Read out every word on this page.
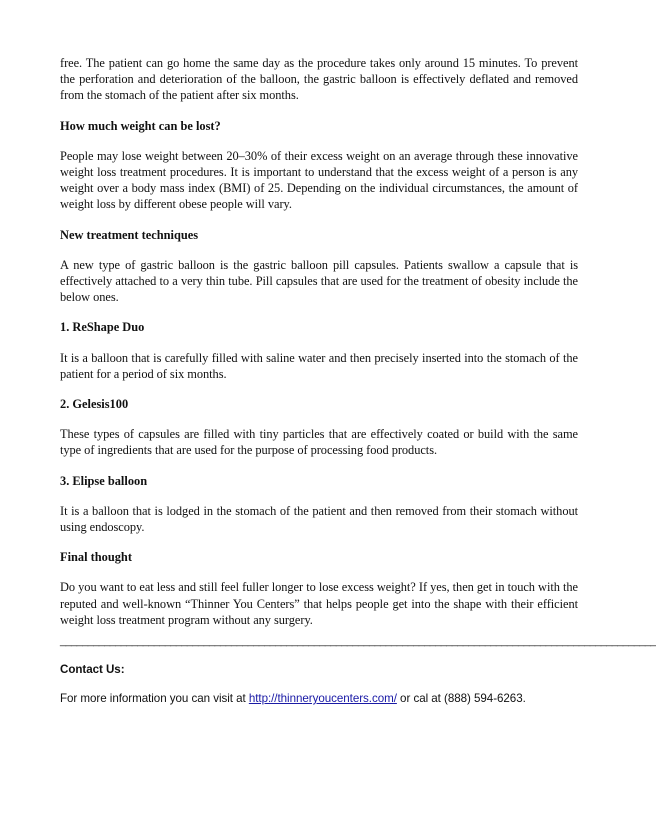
free. The patient can go home the same day as the procedure takes only around 15 minutes. To prevent the perforation and deterioration of the balloon, the gastric balloon is effectively deflated and removed from the stomach of the patient after six months.

How much weight can be lost?

People may lose weight between 20–30% of their excess weight on an average through these innovative weight loss treatment procedures. It is important to understand that the excess weight of a person is any weight over a body mass index (BMI) of 25. Depending on the individual circumstances, the amount of weight loss by different obese people will vary.

New treatment techniques

A new type of gastric balloon is the gastric balloon pill capsules. Patients swallow a capsule that is effectively attached to a very thin tube. Pill capsules that are used for the treatment of obesity include the below ones.

1. ReShape Duo

It is a balloon that is carefully filled with saline water and then precisely inserted into the stomach of the patient for a period of six months.

2. Gelesis100

These types of capsules are filled with tiny particles that are effectively coated or build with the same type of ingredients that are used for the purpose of processing food products.

3. Elipse balloon

It is a balloon that is lodged in the stomach of the patient and then removed from their stomach without using endoscopy.

Final thought

Do you want to eat less and still feel fuller longer to lose excess weight? If yes, then get in touch with the reputed and well-known “Thinner You Centers” that helps people get into the shape with their efficient weight loss treatment program without any surgery.

____________________________________________________________________________________________________________

Contact Us:

For more information you can visit at http://thinneryoucenters.com/ or cal at (888) 594-6263.
